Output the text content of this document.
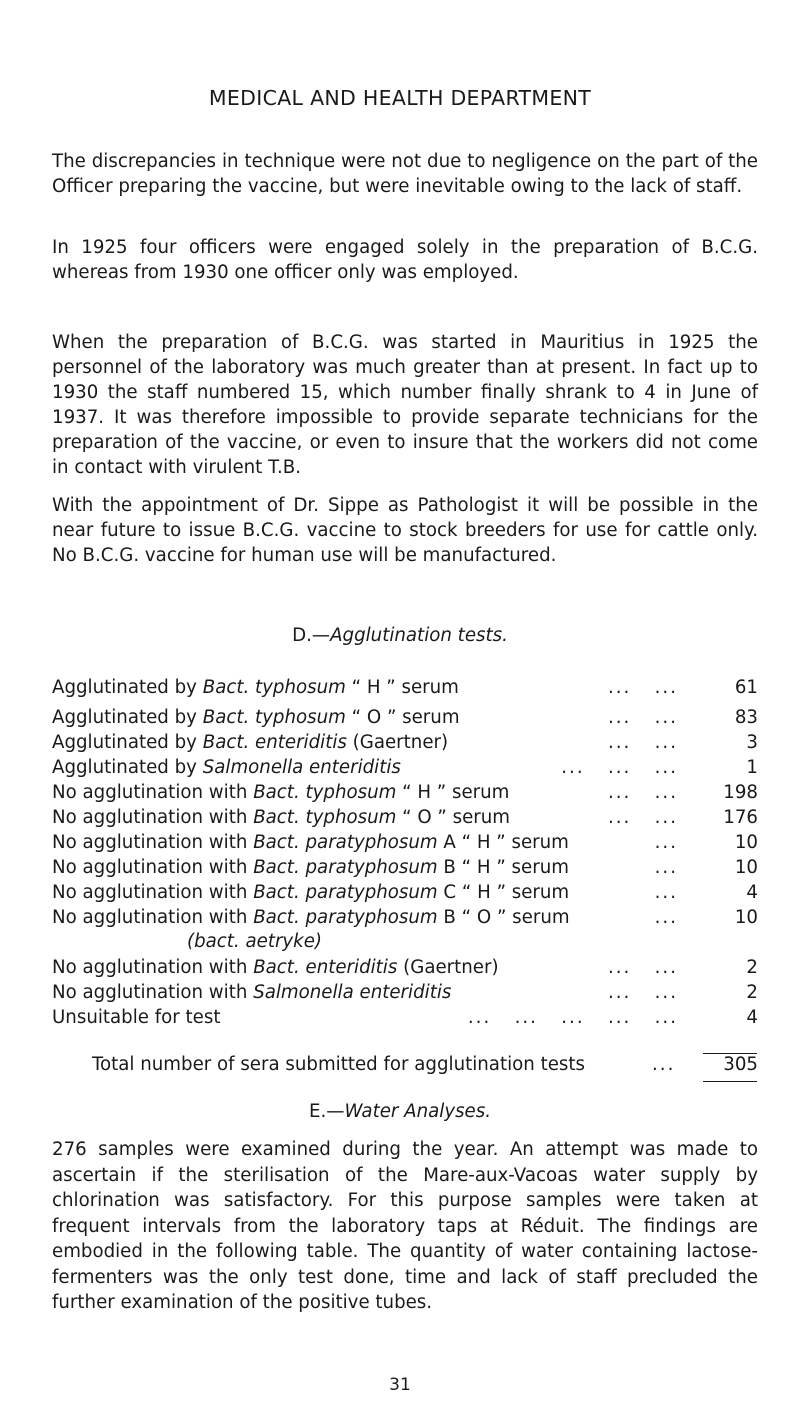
MEDICAL AND HEALTH DEPARTMENT

The discrepancies in technique were not due to negligence on the part of the Officer preparing the vaccine, but were inevitable owing to the lack of staff.

In 1925 four officers were engaged solely in the preparation of B.C.G. whereas from 1930 one officer only was employed.

When the preparation of B.C.G. was started in Mauritius in 1925 the personnel of the laboratory was much greater than at present. In fact up to 1930 the staff numbered 15, which number finally shrank to 4 in June of 1937. It was therefore impossible to provide separate technicians for the preparation of the vaccine, or even to insure that the workers did not come in contact with virulent T.B.

With the appointment of Dr. Sippe as Pathologist it will be possible in the near future to issue B.C.G. vaccine to stock breeders for use for cattle only. No B.C.G. vaccine for human use will be manufactured.

D.—Agglutination tests.
Agglutinated by Bact. typhosum “ H ” serum	...   ...	61
Agglutinated by Bact. typhosum “ O ” serum	...   ...	83
Agglutinated by Bact. enteriditis (Gaertner)	...   ...	3
Agglutinated by Salmonella enteriditis	...   ...   ...	1
No agglutination with Bact. typhosum “ H ” serum	...   ...	198
No agglutination with Bact. typhosum “ O ” serum	...   ...	176
No agglutination with Bact. paratyphosum A “ H ” serum	...	10
No agglutination with Bact. paratyphosum B “ H ” serum	...	10
No agglutination with Bact. paratyphosum C “ H ” serum	...	4
No agglutination with Bact. paratyphosum B “ O ” serum	...	10
(bact. aetryke)
No agglutination with Bact. enteriditis (Gaertner)	...   ...	2
No agglutination with Salmonella enteriditis	...   ...	2
Unsuitable for test	...   ...   ...   ...   ...	4
Total number of sera submitted for agglutination tests	...	305
E.—Water Analyses.

276 samples were examined during the year. An attempt was made to ascertain if the sterilisation of the Mare-aux-Vacoas water supply by chlorination was satisfactory. For this purpose samples were taken at frequent intervals from the laboratory taps at Réduit. The findings are embodied in the following table. The quantity of water containing lactose-fermenters was the only test done, time and lack of staff precluded the further examination of the positive tubes.

31
